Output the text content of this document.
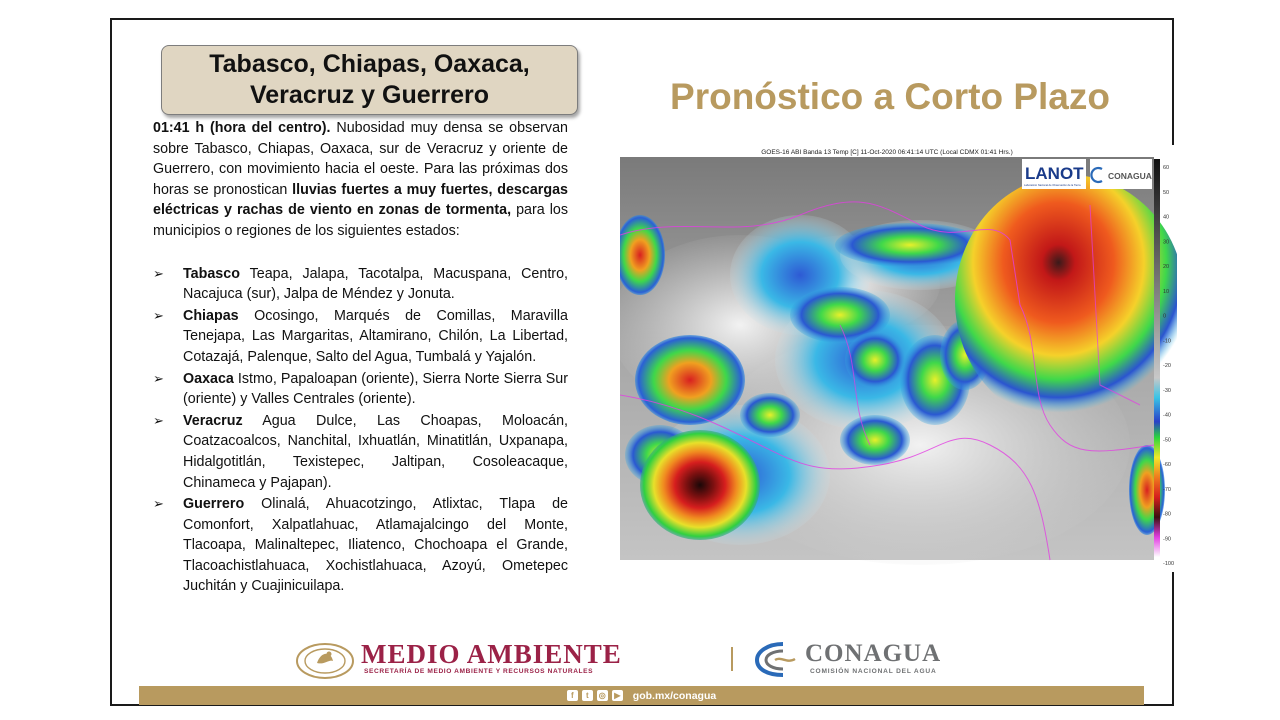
Tabasco, Chiapas, Oaxaca, Veracruz y Guerrero	Pronóstico a Corto Plazo

01:41 h (hora del centro). Nubosidad muy densa se observan sobre Tabasco, Chiapas, Oaxaca, sur de Veracruz y oriente de Guerrero, con movimiento hacia el oeste. Para las próximas dos horas se pronostican lluvias fuertes a muy fuertes, descargas eléctricas y rachas de viento en zonas de tormenta, para los municipios o regiones de los siguientes estados:

➢ Tabasco Teapa, Jalapa, Tacotalpa, Macuspana, Centro, Nacajuca (sur), Jalpa de Méndez y Jonuta.
➢ Chiapas Ocosingo, Marqués de Comillas, Maravilla Tenejapa, Las Margaritas, Altamirano, Chilón, La Libertad, Cotazajá, Palenque, Salto del Agua, Tumbalá y Yajalón.
➢ Oaxaca Istmo, Papaloapan (oriente), Sierra Norte Sierra Sur (oriente) y Valles Centrales (oriente).
➢ Veracruz Agua Dulce, Las Choapas, Moloacán, Coatzacoalcos, Nanchital, Ixhuatlán, Minatitlán, Uxpanapa, Hidalgotitlán, Texistepec, Jaltipan, Cosoleacaque, Chinameca y Pajapan).
➢ Guerrero Olinalá, Ahuacotzingo, Atlixtac, Tlapa de Comonfort, Xalpatlahuac, Atlamajalcingo del Monte, Tlacoapa, Malinaltepec, Iliatenco, Chochoapa el Grande, Tlacoachistlahuaca, Xochistlahuaca, Azoyú, Ometepec Juchitán y Cuajinicuilapa.
GOES-16 ABI Banda 13 Temp [C] 11-Oct-2020 06:41:14 UTC (Local CDMX 01:41 Hrs.)
LANOT
Laboratorio Nacional de Observación de la Tierra
CONAGUA
60
50
40
30
20
10
0
-10
-20
-30
-40
-50
-60
-70
-80
-90
-100
MEDIO AMBIENTE
SECRETARÍA DE MEDIO AMBIENTE Y RECURSOS NATURALES
CONAGUA
COMISIÓN NACIONAL DEL AGUA
f	t	◎	▶ gob.mx/conagua
